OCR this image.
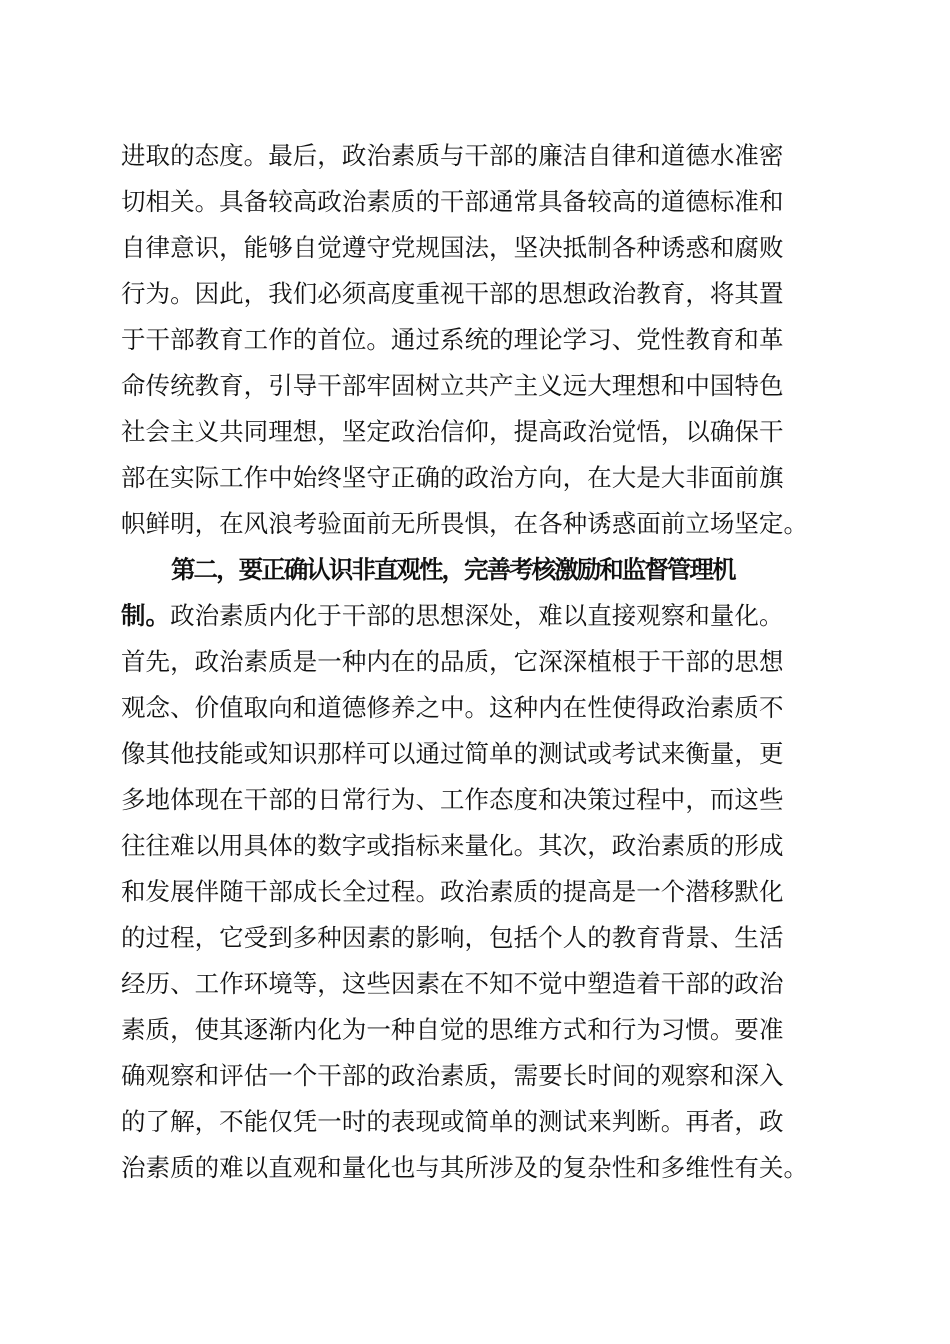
进取的态度。最后，政治素质与干部的廉洁自律和道德水准密
切相关。具备较高政治素质的干部通常具备较高的道德标准和
自律意识，能够自觉遵守党规国法，坚决抵制各种诱惑和腐败
行为。因此，我们必须高度重视干部的思想政治教育，将其置
于干部教育工作的首位。通过系统的理论学习、党性教育和革
命传统教育，引导干部牢固树立共产主义远大理想和中国特色
社会主义共同理想，坚定政治信仰，提高政治觉悟，以确保干
部在实际工作中始终坚守正确的政治方向，在大是大非面前旗
帜鲜明，在风浪考验面前无所畏惧，在各种诱惑面前立场坚定。
第二，要正确认识非直观性，完善考核激励和监督管理机
制。政治素质内化于干部的思想深处，难以直接观察和量化。
首先，政治素质是一种内在的品质，它深深植根于干部的思想
观念、价值取向和道德修养之中。这种内在性使得政治素质不
像其他技能或知识那样可以通过简单的测试或考试来衡量，更
多地体现在干部的日常行为、工作态度和决策过程中，而这些
往往难以用具体的数字或指标来量化。其次，政治素质的形成
和发展伴随干部成长全过程。政治素质的提高是一个潜移默化
的过程，它受到多种因素的影响，包括个人的教育背景、生活
经历、工作环境等，这些因素在不知不觉中塑造着干部的政治
素质，使其逐渐内化为一种自觉的思维方式和行为习惯。要准
确观察和评估一个干部的政治素质，需要长时间的观察和深入
的了解，不能仅凭一时的表现或简单的测试来判断。再者，政
治素质的难以直观和量化也与其所涉及的复杂性和多维性有关。
